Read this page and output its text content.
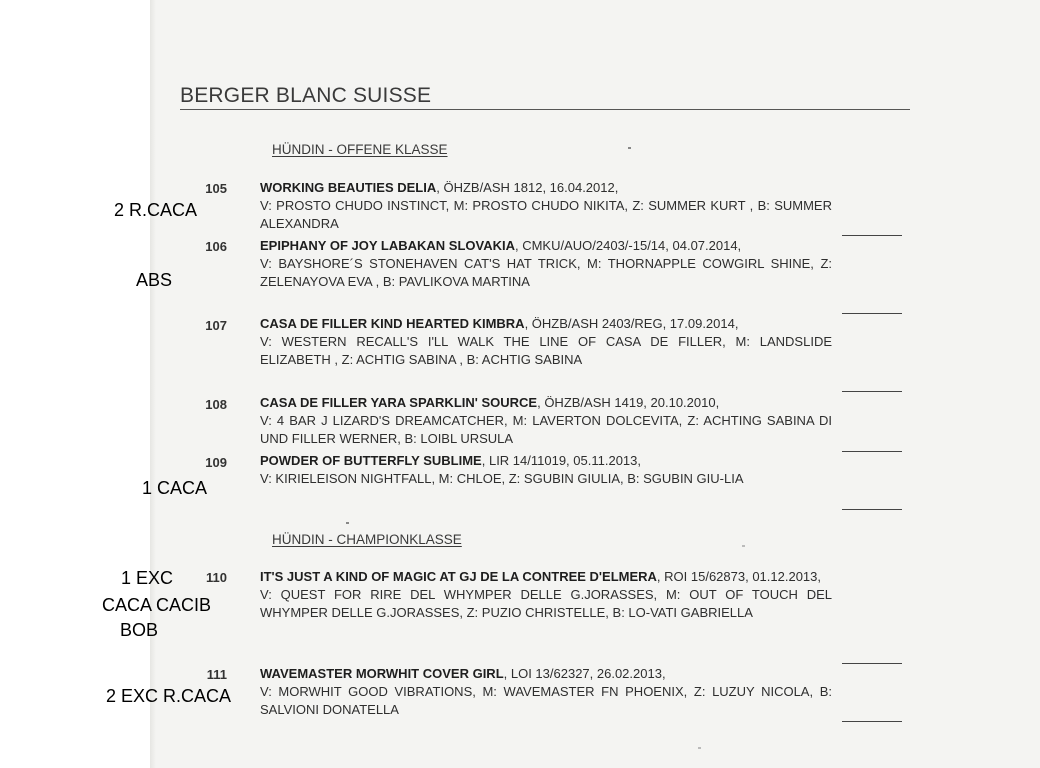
BERGER BLANC SUISSE
HÜNDIN - OFFENE KLASSE
105	WORKING BEAUTIES DELIA, ÖHZB/ASH 1812, 16.04.2012,
V: PROSTO CHUDO INSTINCT, M: PROSTO CHUDO NIKITA, Z: SUMMER KURT , B: SUMMER ALEXANDRA
2 R.CACA
106	EPIPHANY OF JOY LABAKAN SLOVAKIA, CMKU/AUO/2403/-15/14, 04.07.2014,
V: BAYSHORE´S STONEHAVEN CAT'S HAT TRICK, M: THORNAPPLE COWGIRL SHINE, Z: ZELENAYOVA EVA , B: PAVLIKOVA MARTINA
ABS
107	CASA DE FILLER KIND HEARTED KIMBRA, ÖHZB/ASH 2403/REG, 17.09.2014,
V: WESTERN RECALL'S I'LL WALK THE LINE OF CASA DE FILLER, M: LANDSLIDE ELIZABETH , Z: ACHTIG SABINA , B: ACHTIG SABINA
108	CASA DE FILLER YARA SPARKLIN' SOURCE, ÖHZB/ASH 1419, 20.10.2010,
V: 4 BAR J LIZARD'S DREAMCATCHER, M: LAVERTON DOLCEVITA, Z: ACHTING SABINA DI UND FILLER WERNER, B: LOIBL URSULA
109	POWDER OF BUTTERFLY SUBLIME, LIR 14/11019, 05.11.2013,
V: KIRIELEISON NIGHTFALL, M: CHLOE, Z: SGUBIN GIULIA, B: SGUBIN GIU-LIA
1 CACA
HÜNDIN - CHAMPIONKLASSE
110	IT'S JUST A KIND OF MAGIC AT GJ DE LA CONTREE D'ELMERA, ROI 15/62873, 01.12.2013,
V: QUEST FOR RIRE DEL WHYMPER DELLE G.JORASSES, M: OUT OF TOUCH DEL WHYMPER DELLE G.JORASSES, Z: PUZIO CHRISTELLE, B: LO-VATI GABRIELLA
1 EXC
CACA CACIB
BOB
111	WAVEMASTER MORWHIT COVER GIRL, LOI 13/62327, 26.02.2013,
V: MORWHIT GOOD VIBRATIONS, M: WAVEMASTER FN PHOENIX, Z: LUZUY NICOLA, B: SALVIONI DONATELLA
2 EXC R.CACA
